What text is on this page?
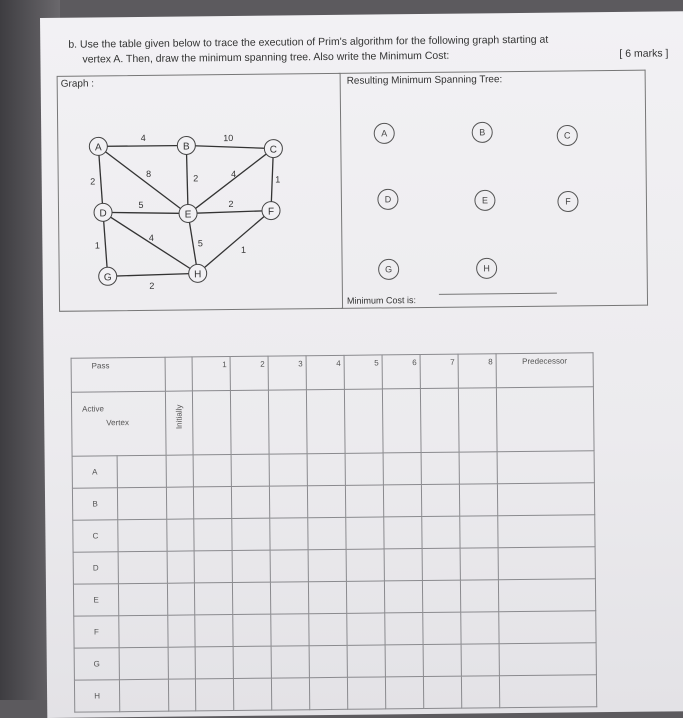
b. Use the table given below to trace the execution of Prim's algorithm for the following graph starting at
vertex A. Then, draw the minimum spanning tree. Also write the Minimum Cost:	[ 6 marks ]
Graph :
A	B	C
D	E	F
G	H
4	10
8
2
4
1
2
5	2
4
5
1
1
2
Resulting Minimum Spanning Tree:
A	B	C
D	E	F
G	H
Minimum Cost is:
Pass			1	2	3	4	5	6	7	8	Predecessor

Active
Vertex		Initially									

A											
B											
C											
D											
E											
F											
G											
H											
